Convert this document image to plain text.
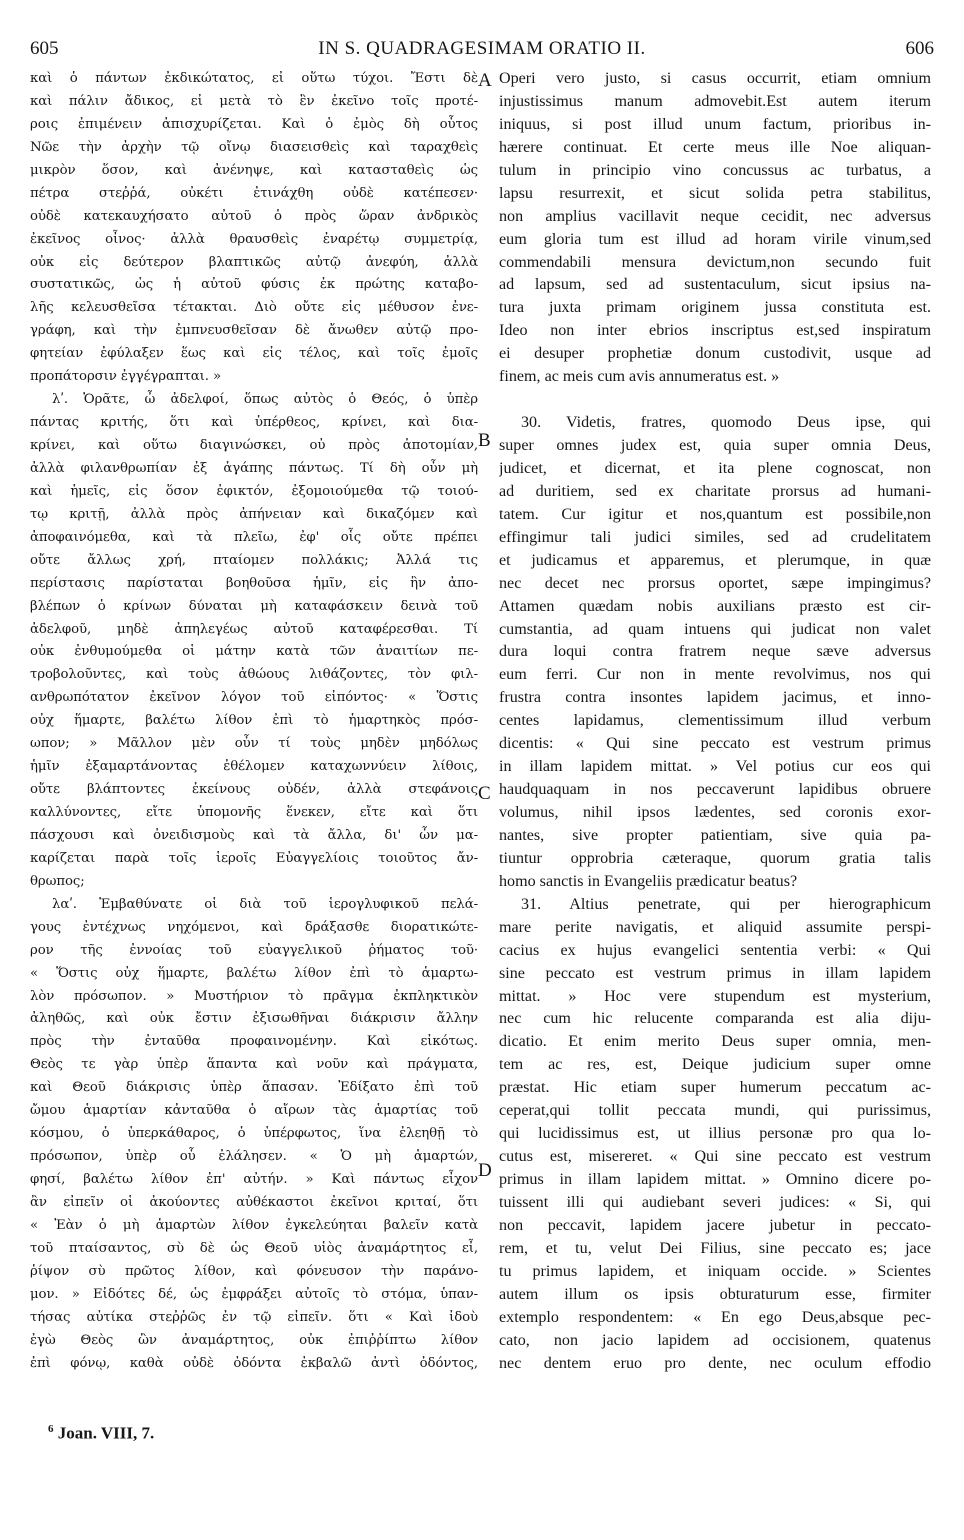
605	IN S. QUADRAGESIMAM ORATIO II.	606
καὶ ὁ πάντων ἐκδικώτατος, εἰ οὕτω τύχοι. Ἔστι δὲ
καὶ πάλιν ἄδικος, εἰ μετὰ τὸ ἓν ἐκεῖνο τοῖς προτέ-
ροις ἐπιμένειν ἀπισχυρίζεται. Καὶ ὁ ἐμὸς δὴ οὗτος
Νῶε τὴν ἀρχὴν τῷ οἴνῳ διασεισθεὶς καὶ ταραχθεὶς
μικρὸν ὅσον, καὶ ἀνένηψε, καὶ κατασταθεὶς ὡς
πέτρα στεῤῥά, οὐκέτι ἐτινάχθη οὐδὲ κατέπεσεν·
οὐδὲ κατεκαυχήσατο αὐτοῦ ὁ πρὸς ὥραν ἀνδρικὸς
ἐκεῖνος οἶνος· ἀλλὰ θραυσθεὶς ἐναρέτῳ συμμετρίᾳ,
οὐκ εἰς δεύτερον βλαπτικῶς αὐτῷ ἀνεφύη, ἀλλὰ
συστατικῶς, ὡς ἡ αὐτοῦ φύσις ἐκ πρώτης καταβο-
λῆς κελευσθεῖσα τέτακται. Διὸ οὔτε εἰς μέθυσον ἐνε-
γράφη, καὶ τὴν ἐμπνευσθεῖσαν δὲ ἄνωθεν αὐτῷ προ-
φητείαν ἐφύλαξεν ἕως καὶ εἰς τέλος, καὶ τοῖς ἐμοῖς
προπάτορσιν ἐγγέγραπται. »
λʹ. Ὁρᾶτε, ὦ ἀδελφοί, ὅπως αὐτὸς ὁ Θεός, ὁ ὑπὲρ
πάντας κριτής, ὅτι καὶ ὑπέρθεος, κρίνει, καὶ δια-
κρίνει, καὶ οὕτω διαγινώσκει, οὐ πρὸς ἀποτομίαν,
ἀλλὰ φιλανθρωπίαν ἐξ ἀγάπης πάντως. Τί δὴ οὖν μὴ
καὶ ἡμεῖς, εἰς ὅσον ἐφικτόν, ἐξομοιούμεθα τῷ τοιού-
τῳ κριτῇ, ἀλλὰ πρὸς ἀπήνειαν καὶ δικαζόμεν καὶ
ἀποφαινόμεθα, καὶ τὰ πλεῖω, ἐφ' οἷς οὔτε πρέπει
οὔτε ἄλλως χρή, πταίομεν πολλάκις; Ἀλλά τις
περίστασις παρίσταται βοηθοῦσα ἡμῖν, εἰς ἣν ἀπο-
βλέπων ὁ κρίνων δύναται μὴ καταφάσκειν δεινὰ τοῦ
ἀδελφοῦ, μηδὲ ἀπηλεγέως αὐτοῦ καταφέρεσθαι. Τί
οὐκ ἐνθυμούμεθα οἱ μάτην κατὰ τῶν ἀναιτίων πε-
τροβολοῦντες, καὶ τοὺς ἀθώους λιθάζοντες, τὸν φιλ-
ανθρωπότατον ἐκεῖνον λόγον τοῦ εἰπόντος· « Ὅστις
οὐχ ἥμαρτε, βαλέτω λίθον ἐπὶ τὸ ἡμαρτηκὸς πρόσ-
ωπον; » Μᾶλλον μὲν οὖν τί τοὺς μηδὲν μηδόλως
ἡμῖν ἐξαμαρτάνοντας ἐθέλομεν καταχωννύειν λίθοις,
οὔτε βλάπτοντες ἐκείνους οὐδέν, ἀλλὰ στεφάνοις
καλλύνοντες, εἴτε ὑπομονῆς ἕνεκεν, εἴτε καὶ ὅτι
πάσχουσι καὶ ὀνειδισμοὺς καὶ τὰ ἄλλα, δι' ὧν μα-
καρίζεται παρὰ τοῖς ἱεροῖς Εὐαγγελίοις τοιοῦτος ἄν-
θρωπος;
λαʹ. Ἐμβαθύνατε οἱ διὰ τοῦ ἱερογλυφικοῦ πελά-
γους ἐντέχνως νηχόμενοι, καὶ δράξασθε διορατικώτε-
ρον τῆς ἐννοίας τοῦ εὐαγγελικοῦ ῥήματος τοῦ·
« Ὅστις οὐχ ἥμαρτε, βαλέτω λίθον ἐπὶ τὸ ἁμαρτω-
λὸν πρόσωπον. » Μυστήριον τὸ πρᾶγμα ἐκπληκτικὸν
ἀληθῶς, καὶ οὐκ ἔστιν ἐξισωθῆναι διάκρισιν ἄλλην
πρὸς τὴν ἐνταῦθα προφαινομένην. Καὶ εἰκότως.
Θεὸς τε γὰρ ὑπὲρ ἅπαντα καὶ νοῦν καὶ πράγματα,
καὶ Θεοῦ διάκρισις ὑπὲρ ἅπασαν. Ἐδίξατο ἐπὶ τοῦ
ὤμου ἁμαρτίαν κἀνταῦθα ὁ αἴρων τὰς ἁμαρτίας τοῦ
κόσμου, ὁ ὑπερκάθαρος, ὁ ὑπέρφωτος, ἵνα ἐλεηθῇ τὸ
πρόσωπον, ὑπὲρ οὗ ἐλάλησεν. « Ὁ μὴ ἁμαρτών,
φησί, βαλέτω λίθον ἐπ' αὐτήν. » Καὶ πάντως εἶχον
ἂν εἰπεῖν οἱ ἀκούοντες αὐθέκαστοι ἐκεῖνοι κριταί, ὅτι
« Ἐὰν ὁ μὴ ἁμαρτὼν λίθον ἐγκελεύηται βαλεῖν κατὰ
τοῦ πταίσαντος, σὺ δὲ ὡς Θεοῦ υἱὸς ἀναμάρτητος εἶ,
ῥίψον σὺ πρῶτος λίθον, καὶ φόνευσον τὴν παράνο-
μον. » Εἰδότες δέ, ὡς ἐμφράξει αὐτοῖς τὸ στόμα, ὑπαν-
τήσας αὐτίκα στεῤῥῶς ἐν τῷ εἰπεῖν. ὅτι « Καὶ ἰδοὺ
ἐγὼ Θεὸς ὢν ἀναμάρτητος, οὐκ ἐπιῤῥίπτω λίθον
ἐπὶ φόνῳ, καθὰ οὐδὲ ὀδόντα ἐκβαλῶ ἀντὶ ὀδόντος,
Operi vero justo, si casus occurrit, etiam omnium
injustissimus manum admovebit.Est autem iterum
iniquus, si post illud unum factum, prioribus in-
hærere continuat. Et certe meus ille Noe aliquan-
tulum in principio vino concussus ac turbatus, a
lapsu resurrexit, et sicut solida petra stabilitus,
non amplius vacillavit neque cecidit, nec adversus
eum gloria tum est illud ad horam virile vinum,sed
commendabili mensura devictum,non secundo fuit
ad lapsum, sed ad sustentaculum, sicut ipsius na-
tura juxta primam originem jussa constituta est.
Ideo non inter ebrios inscriptus est,sed inspiratum
ei desuper prophetiæ donum custodivit, usque ad
finem, ac meis cum avis annumeratus est. »
30. Videtis, fratres, quomodo Deus ipse, qui
super omnes judex est, quia super omnia Deus,
judicet, et dicernat, et ita plene cognoscat, non
ad duritiem, sed ex charitate prorsus ad humani-
tatem. Cur igitur et nos,quantum est possibile,non
effingimur tali judici similes, sed ad crudelitatem
et judicamus et apparemus, et plerumque, in quæ
nec decet nec prorsus oportet, sæpe impingimus?
Attamen quædam nobis auxilians præsto est cir-
cumstantia, ad quam intuens qui judicat non valet
dura loqui contra fratrem neque sæve adversus
eum ferri. Cur non in mente revolvimus, nos qui
frustra contra insontes lapidem jacimus, et inno-
centes lapidamus, clementissimum illud verbum
dicentis: « Qui sine peccato est vestrum primus
in illam lapidem mittat. » Vel potius cur eos qui
haudquaquam in nos peccaverunt lapidibus obruere
volumus, nihil ipsos lædentes, sed coronis exor-
nantes, sive propter patientiam, sive quia pa-
tiuntur opprobria cæteraque, quorum gratia talis
homo sanctis in Evangeliis prædicatur beatus?
31. Altius penetrate, qui per hierographicum
mare perite navigatis, et aliquid assumite perspi-
cacius ex hujus evangelici sententia verbi: « Qui
sine peccato est vestrum primus in illam lapidem
mittat. » Hoc vere stupendum est mysterium,
nec cum hic relucente comparanda est alia diju-
dicatio. Et enim merito Deus super omnia, men-
tem ac res, est, Deique judicium super omne
præstat. Hic etiam super humerum peccatum ac-
ceperat,qui tollit peccata mundi, qui purissimus,
qui lucidissimus est, ut illius personæ pro qua lo-
cutus est, misereret. « Qui sine peccato est vestrum
primus in illam lapidem mittat. » Omnino dicere po-
tuissent illi qui audiebant severi judices: « Si, qui
non peccavit, lapidem jacere jubetur in peccato-
rem, et tu, velut Dei Filius, sine peccato es; jace
tu primus lapidem, et iniquam occide. » Scientes
autem illum os ipsis obturaturum esse, firmiter
extemplo respondentem: « En ego Deus,absque pec-
cato, non jacio lapidem ad occisionem, quatenus
nec dentem eruo pro dente, nec oculum effodio
A
B
C
D
$^6$ Joan. VIII, 7.
